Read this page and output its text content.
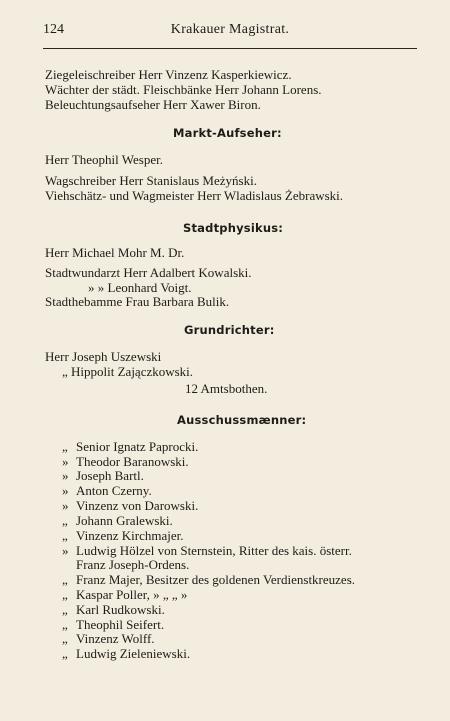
124	Krakauer Magistrat.
Ziegeleischreiber Herr Vinzenz Kasperkiewicz.
Wächter der städt. Fleischbänke Herr Johann Lorens.
Beleuchtungsaufseher Herr Xawer Biron.
Markt-Aufseher:
Herr Theophil Wesper.
Wagschreiber Herr Stanislaus Meżyński.
Viehschätz- und Wagmeister Herr Wladislaus Żebrawski.
Stadtphysikus:
Herr Michael Mohr M. Dr.
Stadtwundarzt Herr Adalbert Kowalski.
» » Leonhard Voigt.
Stadthebamme Frau Barbara Bulik.
Grundrichter:
Herr Joseph Uszewski
„ Hippolit Zajączkowski.
12 Amtsbothen.
Ausschussmænner:
„ Senior Ignatz Paprocki.
» Theodor Baranowski.
» Joseph Bartl.
» Anton Czerny.
» Vinzenz von Darowski.
„ Johann Gralewski.
„ Vinzenz Kirchmajer.
» Ludwig Hölzel von Sternstein, Ritter des kais. österr.
Franz Joseph-Ordens.
„ Franz Majer, Besitzer des goldenen Verdienstkreuzes.
„ Kaspar Poller, » „ „ »
„ Karl Rudkowski.
„ Theophil Seifert.
„ Vinzenz Wolff.
„ Ludwig Zieleniewski.
